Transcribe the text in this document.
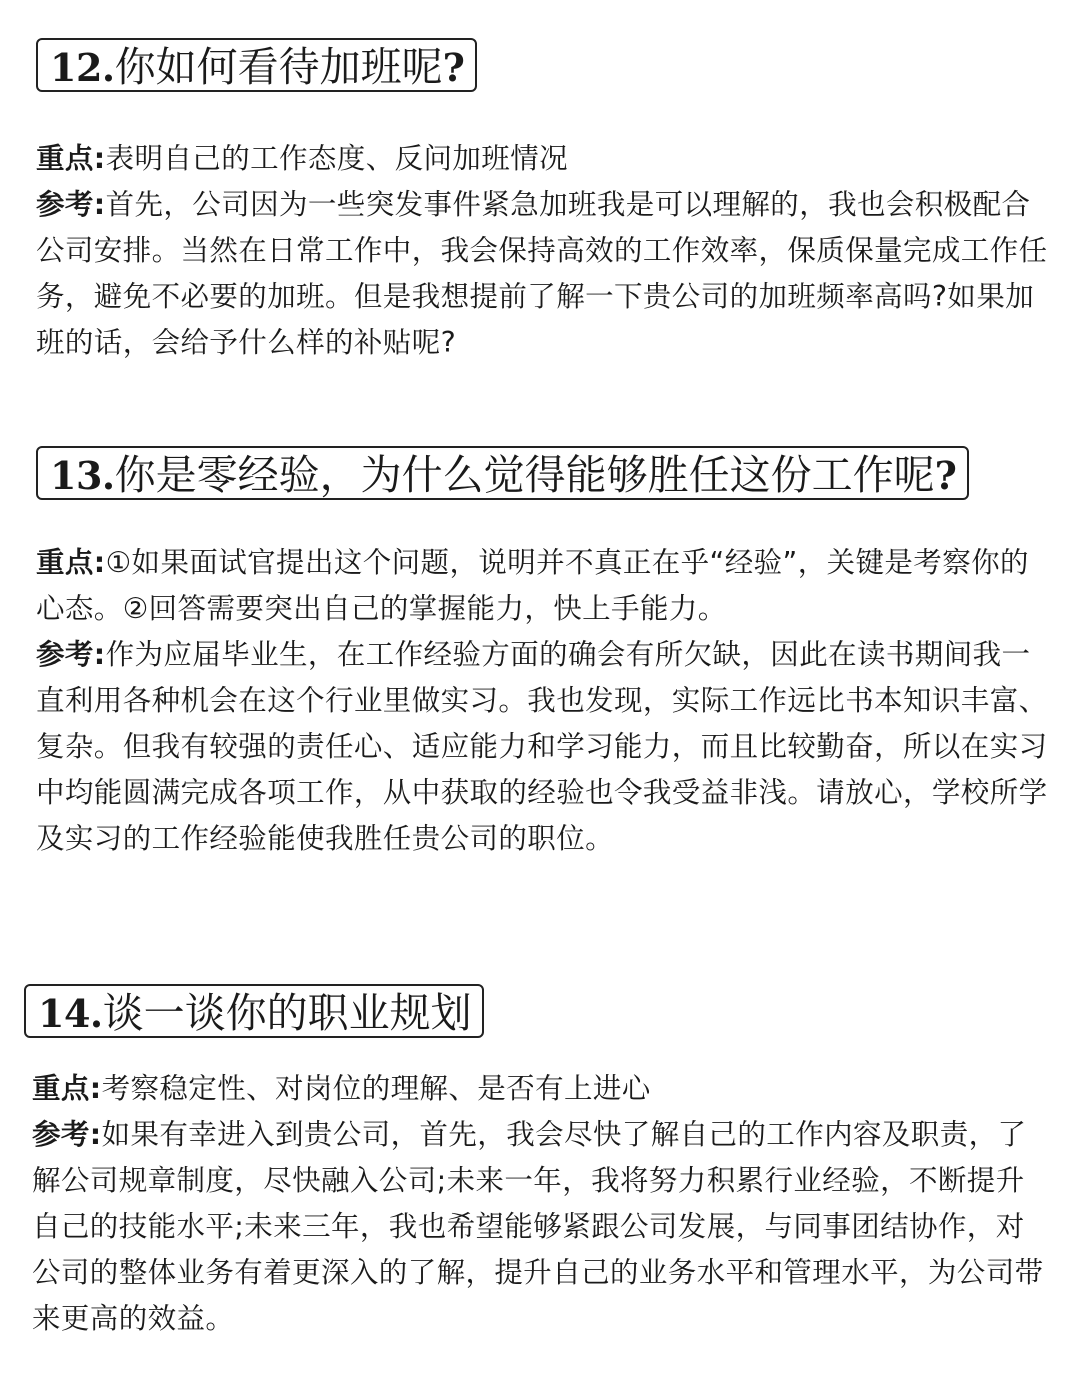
12.你如何看待加班呢?

重点:表明自己的工作态度、反问加班情况

参考:首先，公司因为一些突发事件紧急加班我是可以理解的，我也会积极配合公司安排。当然在日常工作中，我会保持高效的工作效率，保质保量完成工作任务，避免不必要的加班。但是我想提前了解一下贵公司的加班频率高吗?如果加班的话，会给予什么样的补贴呢?

13.你是零经验，为什么觉得能够胜任这份工作呢?

重点:①如果面试官提出这个问题，说明并不真正在乎“经验”，关键是考察你的心态。②回答需要突出自己的掌握能力，快上手能力。

参考:作为应届毕业生，在工作经验方面的确会有所欠缺，因此在读书期间我一直利用各种机会在这个行业里做实习。我也发现，实际工作远比书本知识丰富、复杂。但我有较强的责任心、适应能力和学习能力，而且比较勤奋，所以在实习中均能圆满完成各项工作，从中获取的经验也令我受益非浅。请放心，学校所学及实习的工作经验能使我胜任贵公司的职位。

14.谈一谈你的职业规划

重点:考察稳定性、对岗位的理解、是否有上进心

参考:如果有幸进入到贵公司，首先，我会尽快了解自己的工作内容及职责，了解公司规章制度，尽快融入公司;未来一年，我将努力积累行业经验，不断提升自己的技能水平;未来三年，我也希望能够紧跟公司发展，与同事团结协作，对公司的整体业务有着更深入的了解，提升自己的业务水平和管理水平，为公司带来更高的效益。
